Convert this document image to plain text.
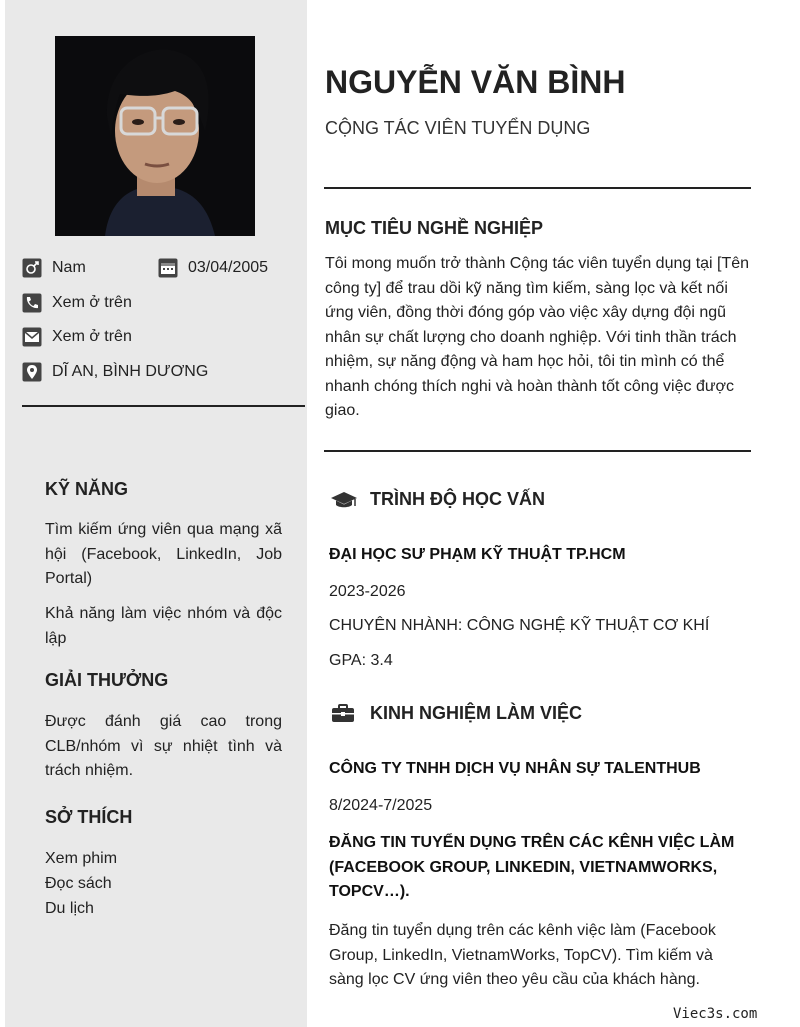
Nam	03/04/2005
Xem ở trên
Xem ở trên
DĨ AN, BÌNH DƯƠNG
KỸ NĂNG
Tìm kiếm ứng viên qua mạng xã hội (Facebook, LinkedIn, Job Portal)
Khả năng làm việc nhóm và độc lập
GIẢI THƯỞNG
Được đánh giá cao trong CLB/nhóm vì sự nhiệt tình và trách nhiệm.
SỞ THÍCH
Xem phim
Đọc sách
Du lịch
NGUYỄN VĂN BÌNH
CỘNG TÁC VIÊN TUYỂN DỤNG
MỤC TIÊU NGHỀ NGHIỆP
Tôi mong muốn trở thành Cộng tác viên tuyển dụng tại [Tên công ty] để trau dồi kỹ năng tìm kiếm, sàng lọc và kết nối ứng viên, đồng thời đóng góp vào việc xây dựng đội ngũ nhân sự chất lượng cho doanh nghiệp. Với tinh thần trách nhiệm, sự năng động và ham học hỏi, tôi tin mình có thể nhanh chóng thích nghi và hoàn thành tốt công việc được giao.
TRÌNH ĐỘ HỌC VẤN
ĐẠI HỌC SƯ PHẠM KỸ THUẬT TP.HCM
2023-2026
CHUYÊN NHÀNH: CÔNG NGHỆ KỸ THUẬT CƠ KHÍ
GPA: 3.4
KINH NGHIỆM LÀM VIỆC
CÔNG TY TNHH DỊCH VỤ NHÂN SỰ TALENTHUB
8/2024-7/2025
ĐĂNG TIN TUYỂN DỤNG TRÊN CÁC KÊNH VIỆC LÀM (FACEBOOK GROUP, LINKEDIN, VIETNAMWORKS, TOPCV…).
Đăng tin tuyển dụng trên các kênh việc làm (Facebook Group, LinkedIn, VietnamWorks, TopCV). Tìm kiếm và sàng lọc CV ứng viên theo yêu cầu của khách hàng.
Viec3s.com
